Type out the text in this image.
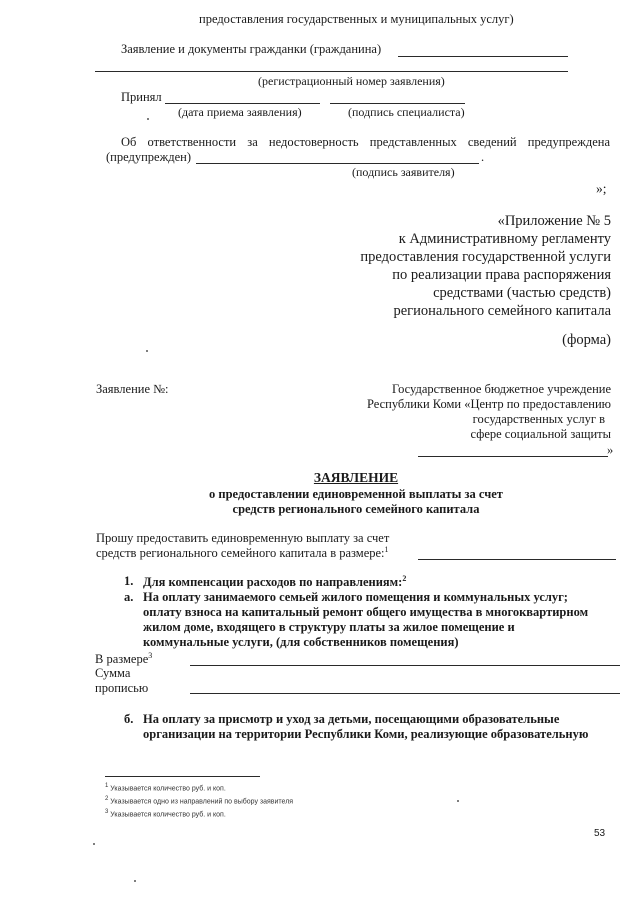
предоставления государственных и муниципальных услуг)
Заявление и документы гражданки (гражданина)
(регистрационный номер заявления)
Принял
(дата приема заявления)	(подпись специалиста)
Об ответственности за недостоверность представленных сведений предупреждена
(предупрежден)	.
(подпись заявителя)
»;
«Приложение № 5
к Административному регламенту
предоставления государственной услуги
по реализации права распоряжения
средствами (частью средств)
регионального семейного капитала
(форма)
Заявление №:	Государственное бюджетное учреждение
Республики Коми «Центр по предоставлению
государственных услуг в
сфере социальной защиты
»
ЗАЯВЛЕНИЕ
о предоставлении единовременной выплаты за счет
средств регионального семейного капитала
Прошу предоставить единовременную выплату за счет
средств регионального семейного капитала в размере:$^1$
1. Для компенсации расходов по направлениям:$^2$
а. На оплату занимаемого семьей жилого помещения и коммунальных услуг;
оплату взноса на капитальный ремонт общего имущества в многоквартирном
жилом доме, входящего в структуру платы за жилое помещение и
коммунальные услуги, (для собственников помещения)
В размере$^3$
Сумма
прописью
б. На оплату за присмотр и уход за детьми, посещающими образовательные
организации на территории Республики Коми, реализующие образовательную
$^1$ Указывается количество руб. и коп.
$^2$ Указывается одно из направлений по выбору заявителя
$^3$ Указывается количество руб. и коп.
53
